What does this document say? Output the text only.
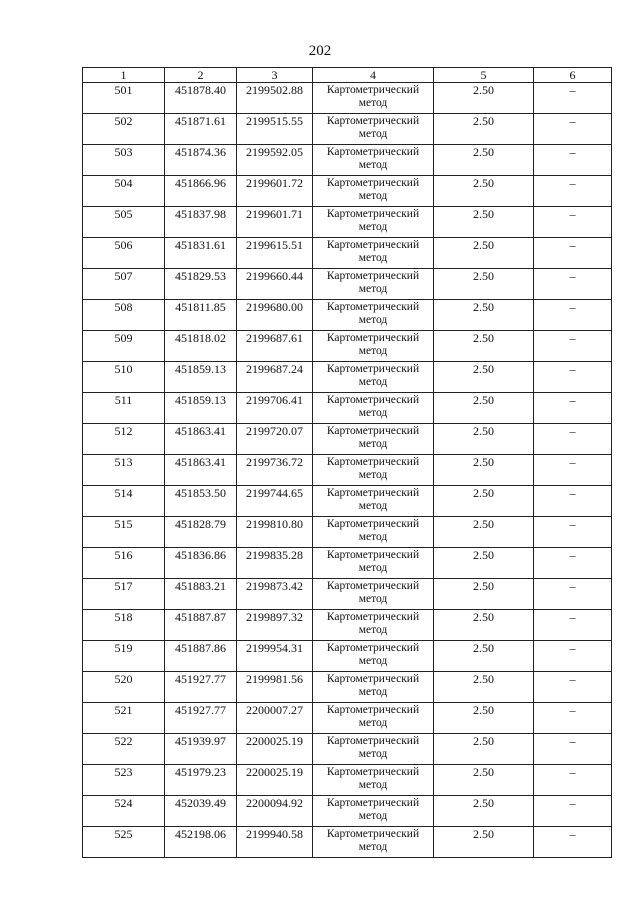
202
1	2	3	4	5	6
501	451878.40	2199502.88	Картометрический метод	2.50	–
502	451871.61	2199515.55	Картометрический метод	2.50	–
503	451874.36	2199592.05	Картометрический метод	2.50	–
504	451866.96	2199601.72	Картометрический метод	2.50	–
505	451837.98	2199601.71	Картометрический метод	2.50	–
506	451831.61	2199615.51	Картометрический метод	2.50	–
507	451829.53	2199660.44	Картометрический метод	2.50	–
508	451811.85	2199680.00	Картометрический метод	2.50	–
509	451818.02	2199687.61	Картометрический метод	2.50	–
510	451859.13	2199687.24	Картометрический метод	2.50	–
511	451859.13	2199706.41	Картометрический метод	2.50	–
512	451863.41	2199720.07	Картометрический метод	2.50	–
513	451863.41	2199736.72	Картометрический метод	2.50	–
514	451853.50	2199744.65	Картометрический метод	2.50	–
515	451828.79	2199810.80	Картометрический метод	2.50	–
516	451836.86	2199835.28	Картометрический метод	2.50	–
517	451883.21	2199873.42	Картометрический метод	2.50	–
518	451887.87	2199897.32	Картометрический метод	2.50	–
519	451887.86	2199954.31	Картометрический метод	2.50	–
520	451927.77	2199981.56	Картометрический метод	2.50	–
521	451927.77	2200007.27	Картометрический метод	2.50	–
522	451939.97	2200025.19	Картометрический метод	2.50	–
523	451979.23	2200025.19	Картометрический метод	2.50	–
524	452039.49	2200094.92	Картометрический метод	2.50	–
525	452198.06	2199940.58	Картометрический метод	2.50	–
